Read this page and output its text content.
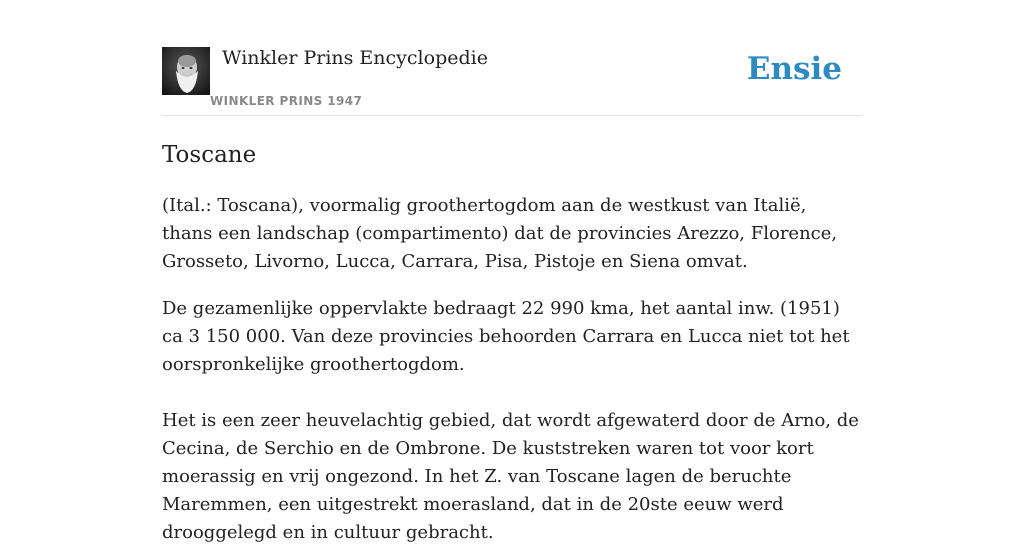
Winkler Prins Encyclopedie
WINKLER PRINS 1947
Ensie
Toscane

(Ital.: Toscana), voormalig groothertogdom aan de westkust van Italië, thans een landschap (compartimento) dat de provincies Arezzo, Florence, Grosseto, Livorno, Lucca, Carrara, Pisa, Pistoje en Siena omvat.

De gezamenlijke oppervlakte bedraagt 22 990 kma, het aantal inw. (1951) ca 3 150 000. Van deze provincies behoorden Carrara en Lucca niet tot het oorspronkelijke groothertogdom.

Het is een zeer heuvelachtig gebied, dat wordt afgewaterd door de Arno, de Cecina, de Serchio en de Ombrone. De kuststreken waren tot voor kort moerassig en vrij ongezond. In het Z. van Toscane lagen de beruchte Maremmen, een uitgestrekt moerasland, dat in de 20ste eeuw werd drooggelegd en in cultuur gebracht.
